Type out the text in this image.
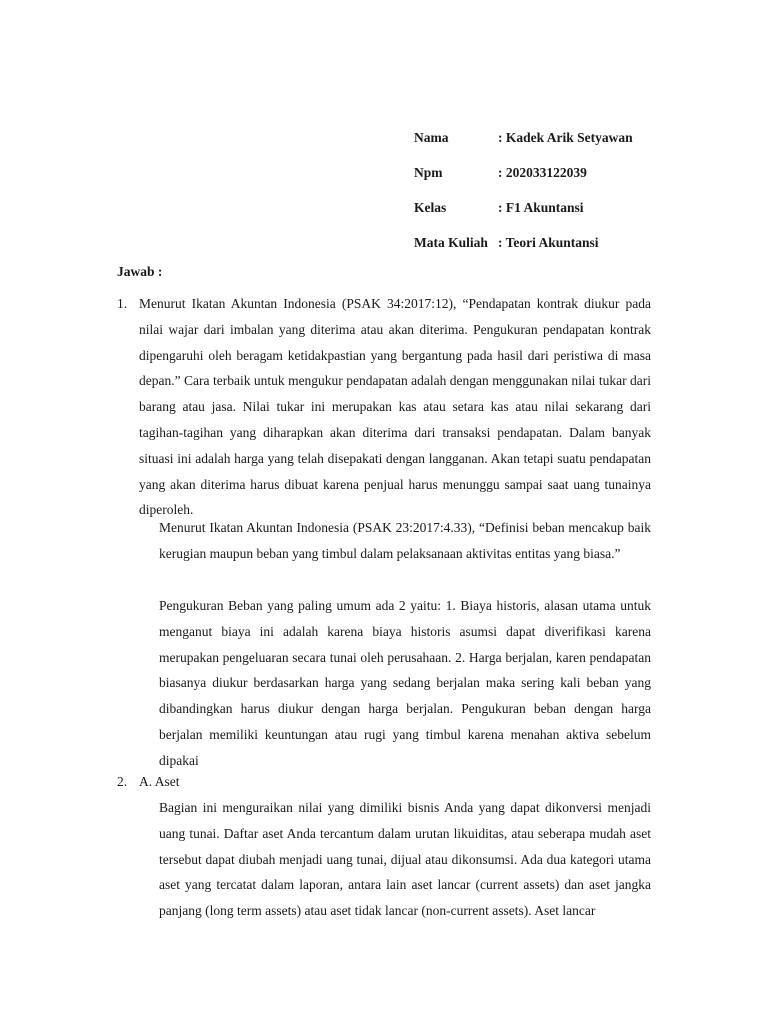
Nama	: Kadek Arik Setyawan
Npm	: 202033122039
Kelas	: F1 Akuntansi
Mata Kuliah : Teori Akuntansi
Jawab :
1. Menurut Ikatan Akuntan Indonesia (PSAK 34:2017:12), “Pendapatan kontrak diukur pada nilai wajar dari imbalan yang diterima atau akan diterima. Pengukuran pendapatan kontrak dipengaruhi oleh beragam ketidakpastian yang bergantung pada hasil dari peristiwa di masa depan.” Cara terbaik untuk mengukur pendapatan adalah dengan menggunakan nilai tukar dari barang atau jasa. Nilai tukar ini merupakan kas atau setara kas atau nilai sekarang dari tagihan-tagihan yang diharapkan akan diterima dari transaksi pendapatan. Dalam banyak situasi ini adalah harga yang telah disepakati dengan langganan. Akan tetapi suatu pendapatan yang akan diterima harus dibuat karena penjual harus menunggu sampai saat uang tunainya diperoleh.

Menurut Ikatan Akuntan Indonesia (PSAK 23:2017:4.33), “Definisi beban mencakup baik kerugian maupun beban yang timbul dalam pelaksanaan aktivitas entitas yang biasa.”

Pengukuran Beban yang paling umum ada 2 yaitu: 1. Biaya historis, alasan utama untuk menganut biaya ini adalah karena biaya historis asumsi dapat diverifikasi karena merupakan pengeluaran secara tunai oleh perusahaan. 2. Harga berjalan, karen pendapatan biasanya diukur berdasarkan harga yang sedang berjalan maka sering kali beban yang dibandingkan harus diukur dengan harga berjalan. Pengukuran beban dengan harga berjalan memiliki keuntungan atau rugi yang timbul karena menahan aktiva sebelum dipakai

2. A. Aset

Bagian ini menguraikan nilai yang dimiliki bisnis Anda yang dapat dikonversi menjadi uang tunai. Daftar aset Anda tercantum dalam urutan likuiditas, atau seberapa mudah aset tersebut dapat diubah menjadi uang tunai, dijual atau dikonsumsi. Ada dua kategori utama aset yang tercatat dalam laporan, antara lain aset lancar (current assets) dan aset jangka panjang (long term assets) atau aset tidak lancar (non-current assets). Aset lancar
